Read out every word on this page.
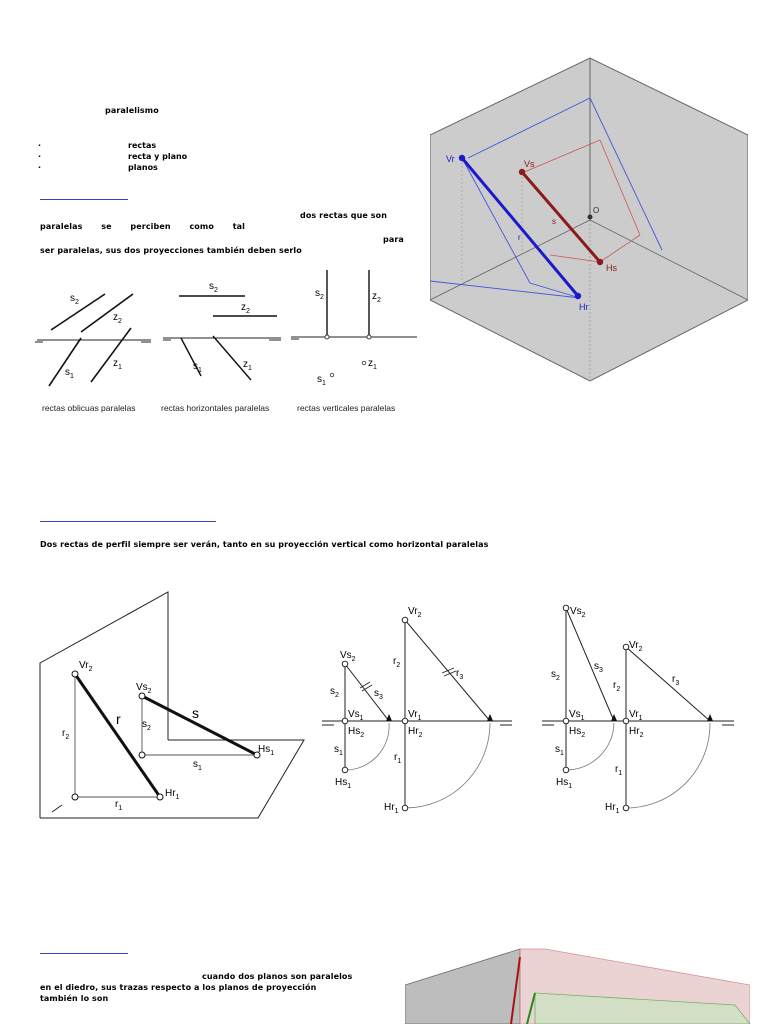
paralelismo
·	rectas
·	recta y plano
·	planos
dos rectas que son
paralelas se perciben como tal
para
ser paralelas, sus dos proyecciones también deben serlo
Vr	Vs
Hs
Hr
r
s
O
$s_2$
$z_2$
$s_1$
$z_1$
$s_2$
$z_2$
$s_1$
$z_1$
$s_2$	$z_2$
$z_1$
$s_1$
rectas oblicuas paralelas	rectas horizontales paralelas	rectas verticales paralelas
Dos rectas de perfil siempre ser verán, tanto en su proyección vertical como horizontal paralelas
$Vr_2$
$Vs_2$
r	s
$r_2$
$s_2$
$s_1$
$r_1$
$Hs_1$
$Hr_1$
$Vs_2$
$s_2$	$s_3$
$Vs_1$
$Hs_2$
$s_1$
$Hs_1$
$Vr_2$
$r_2$
$r_3$
$Vr_1$
$Hr_2$
$r_1$
$Hr_1$
$Vs_2$
$s_2$
$s_3$
$Vs_1$
$Hs_2$
$s_1$
$Hs_1$
$Vr_2$
$r_2$
$r_3$
$Vr_1$
$Hr_2$
$r_1$
$Hr_1$
cuando dos planos son paralelos
en el diedro, sus trazas respecto a los planos de proyección
también lo son
